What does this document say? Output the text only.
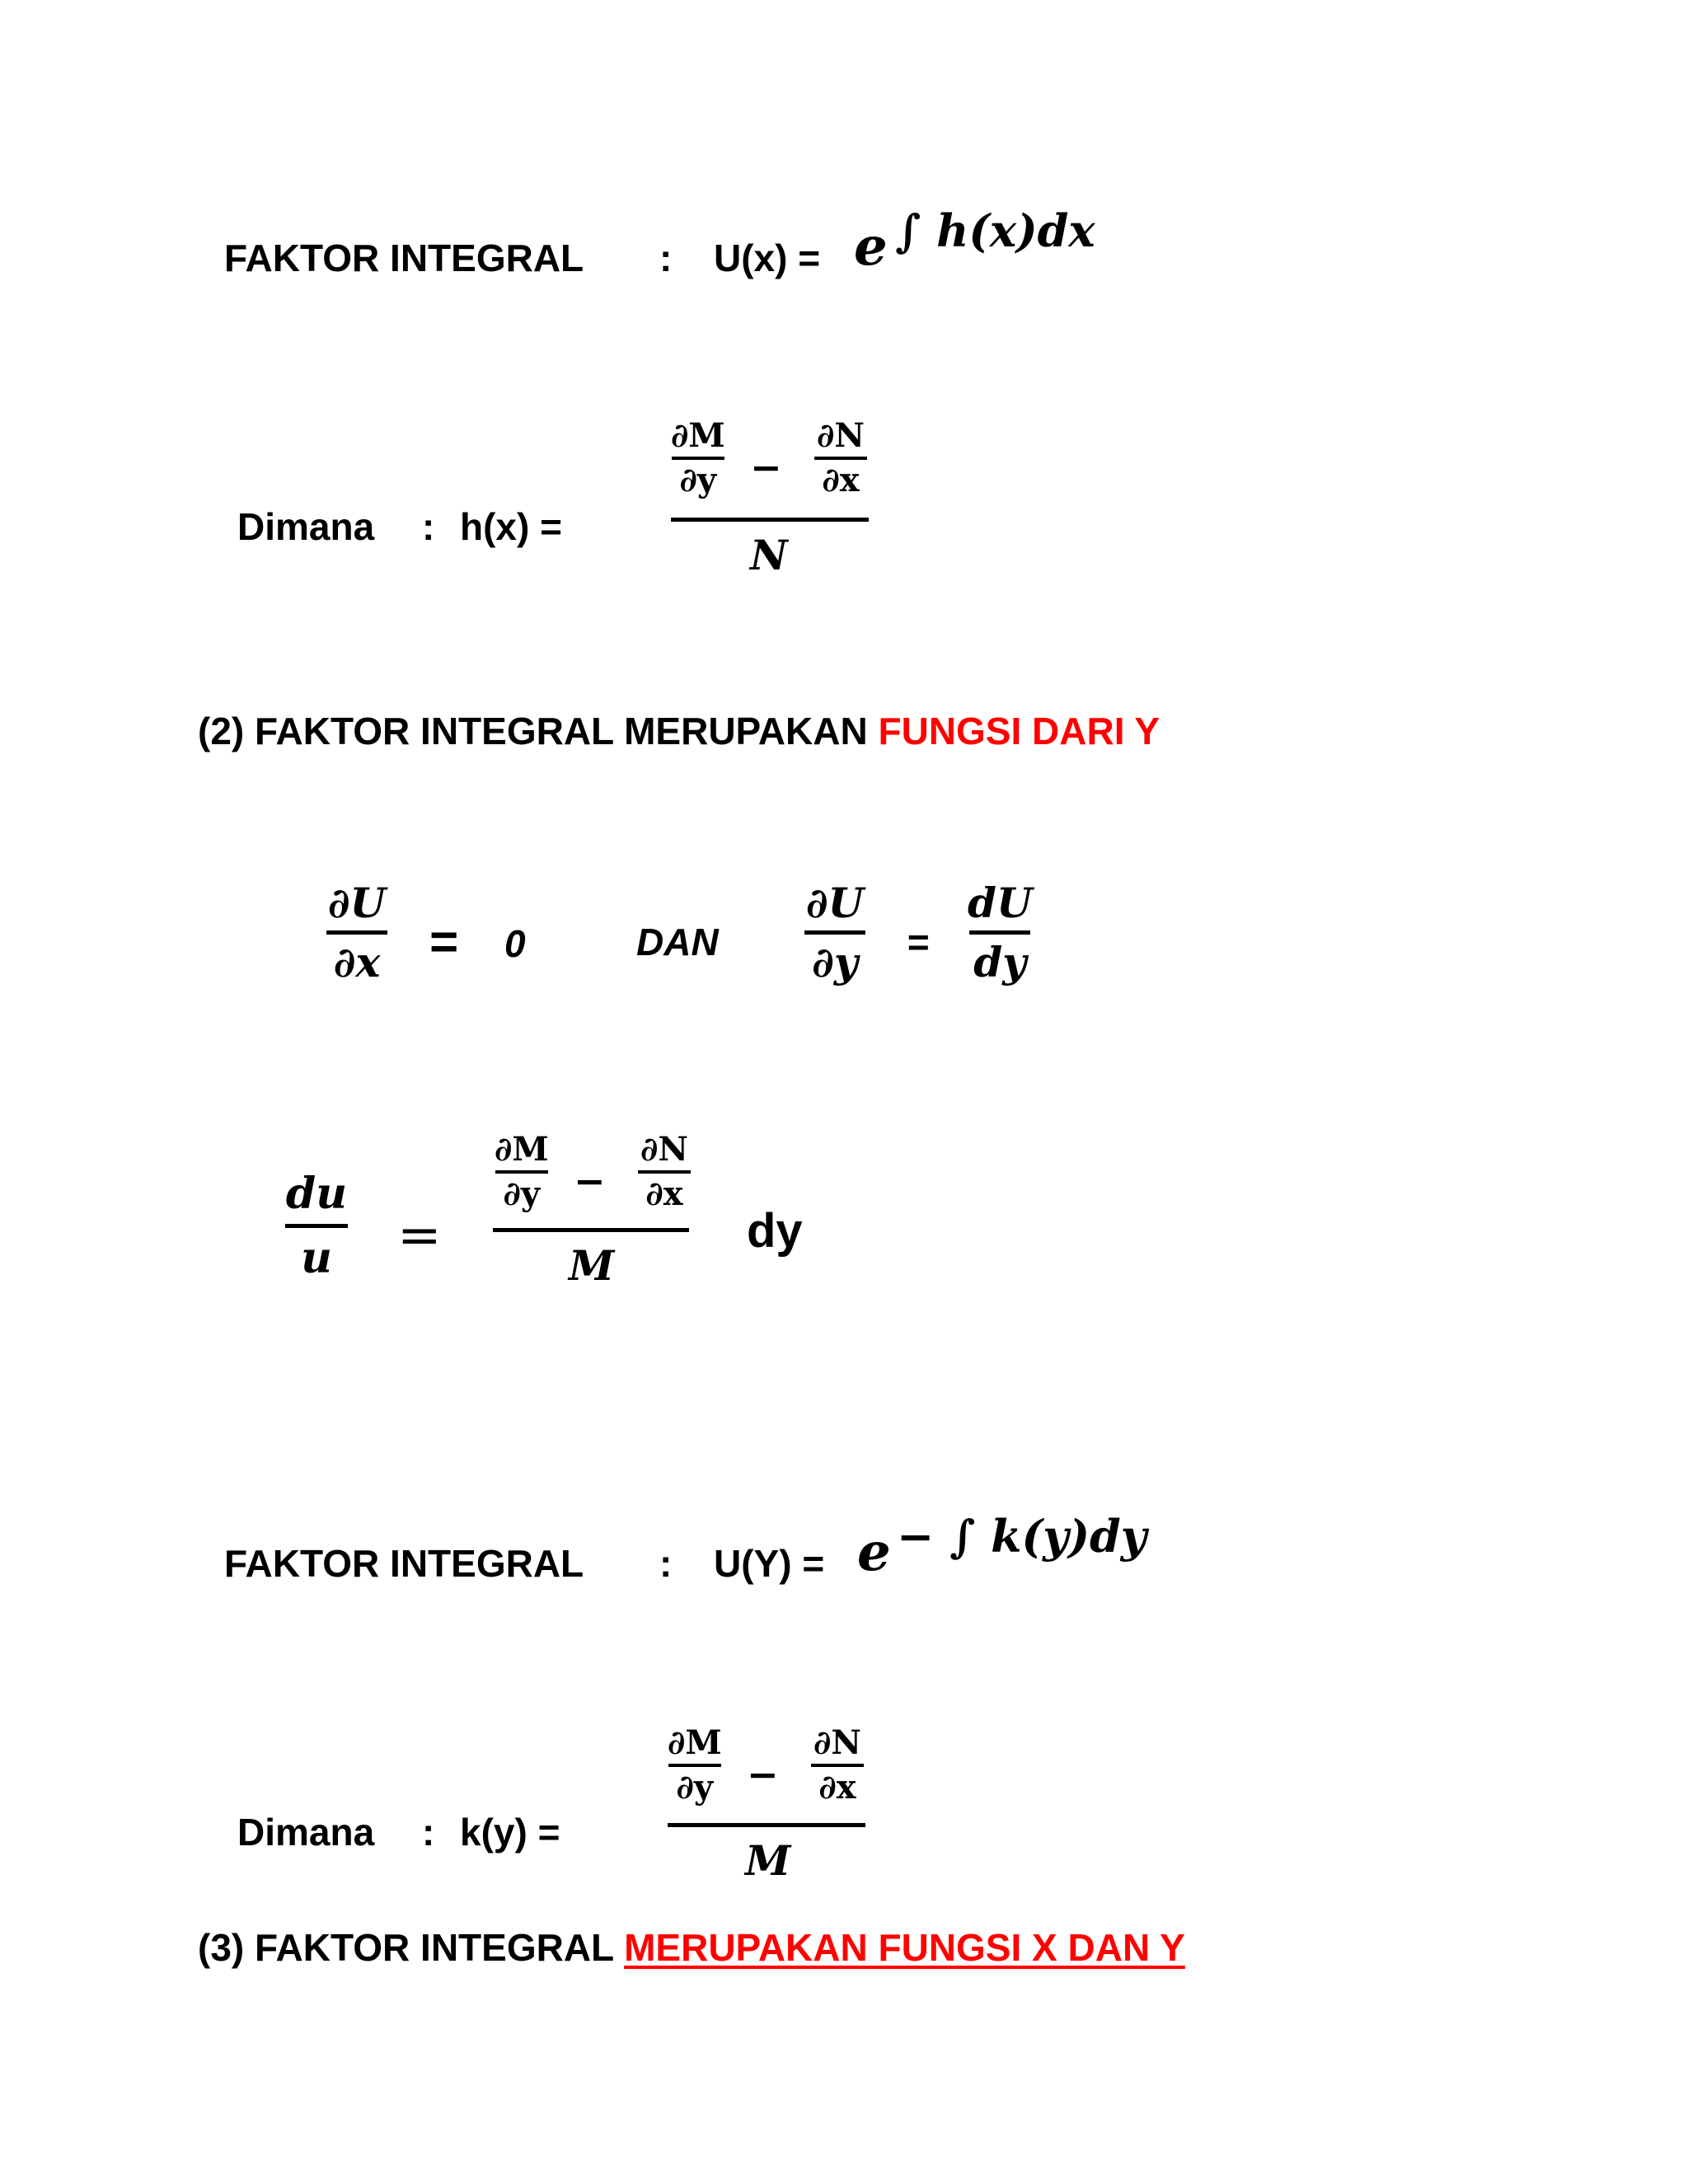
FAKTOR INTEGRAL : U(x) = e ∫ h(x)dx
Dimana : h(x) =
∂M
∂y −
∂N
∂x
N
(2) FAKTOR INTEGRAL MERUPAKAN FUNGSI DARI Y
∂U
∂x = 0	DAN
∂U
∂y =
dU
dy
du
u =
∂M
∂y −
∂N
∂x
M
dy
FAKTOR INTEGRAL : U(Y) = e − ∫ k(y)dy
Dimana : k(y) =
∂M
∂y −
∂N
∂x
M
(3) FAKTOR INTEGRAL MERUPAKAN FUNGSI X DAN Y
